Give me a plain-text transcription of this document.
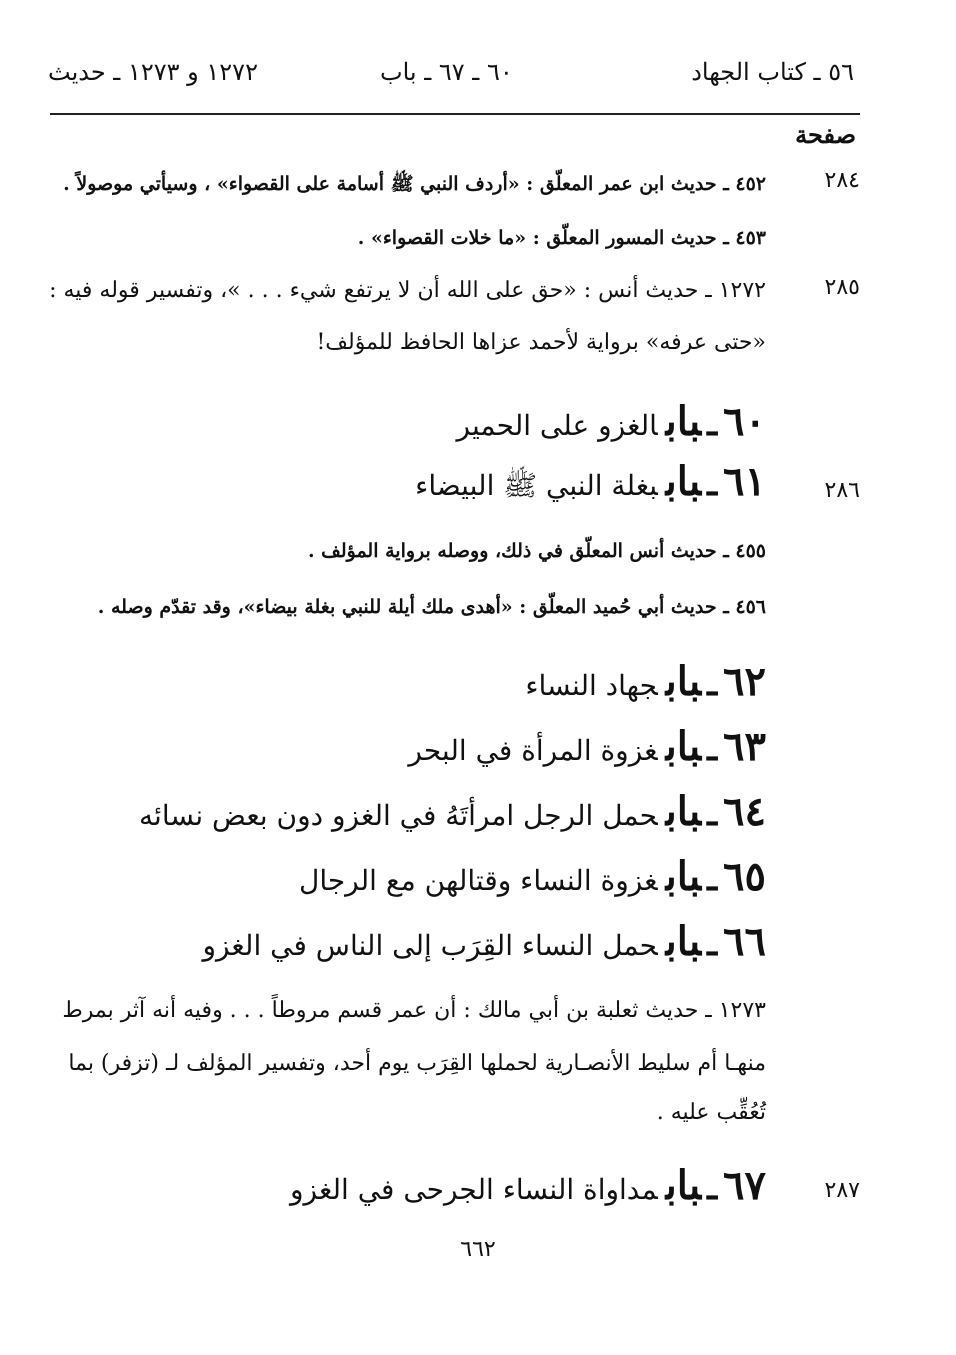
٥٦ ـ كتاب الجهاد
٦٠ ـ ٦٧ ـ باب
١٢٧٢ و ١٢٧٣ ـ حديث
صفحة
٢٨٤
٤٥٢ ـ حديث ابن عمر المعلّق : «أردف النبي ﷺ أسامة على القصواء» ، وسيأتي موصولاً .
٤٥٣ ـ حديث المسور المعلّق : «ما خلات القصواء» .
٢٨٥
١٢٧٢ ـ حديث أنس : «حق على الله أن لا يرتفع شيء . . . »، وتفسير قوله فيه :
«حتى عرفه» برواية لأحمد عزاها الحافظ للمؤلف!
٦٠ـبابالغزو على الحمير
٢٨٦
٦١ـباببغلة النبي ﷺ البيضاء
٤٥٥ ـ حديث أنس المعلّق في ذلك، ووصله برواية المؤلف .
٤٥٦ ـ حديث أبي حُميد المعلّق : «أهدى ملك أيلة للنبي بغلة بيضاء»، وقد تقدّم وصله .
٦٢ـبابجهاد النساء
٦٣ـبابغزوة المرأة في البحر
٦٤ـبابحمل الرجل امرأتَهُ في الغزو دون بعض نسائه
٦٥ـبابغزوة النساء وقتالهن مع الرجال
٦٦ـبابحمل النساء القِرَب إلى الناس في الغزو
١٢٧٣ ـ حديث ثعلبة بن أبي مالك : أن عمر قسم مروطاً . . . وفيه أنه آثر بمرط
منهـا أم سليط الأنصـارية لحملها القِرَب يوم أحد، وتفسير المؤلف لـ (تزفر) بما
تُعُقِّب عليه .
٢٨٧
٦٧ـبابمداواة النساء الجرحى في الغزو
٦٦٢
